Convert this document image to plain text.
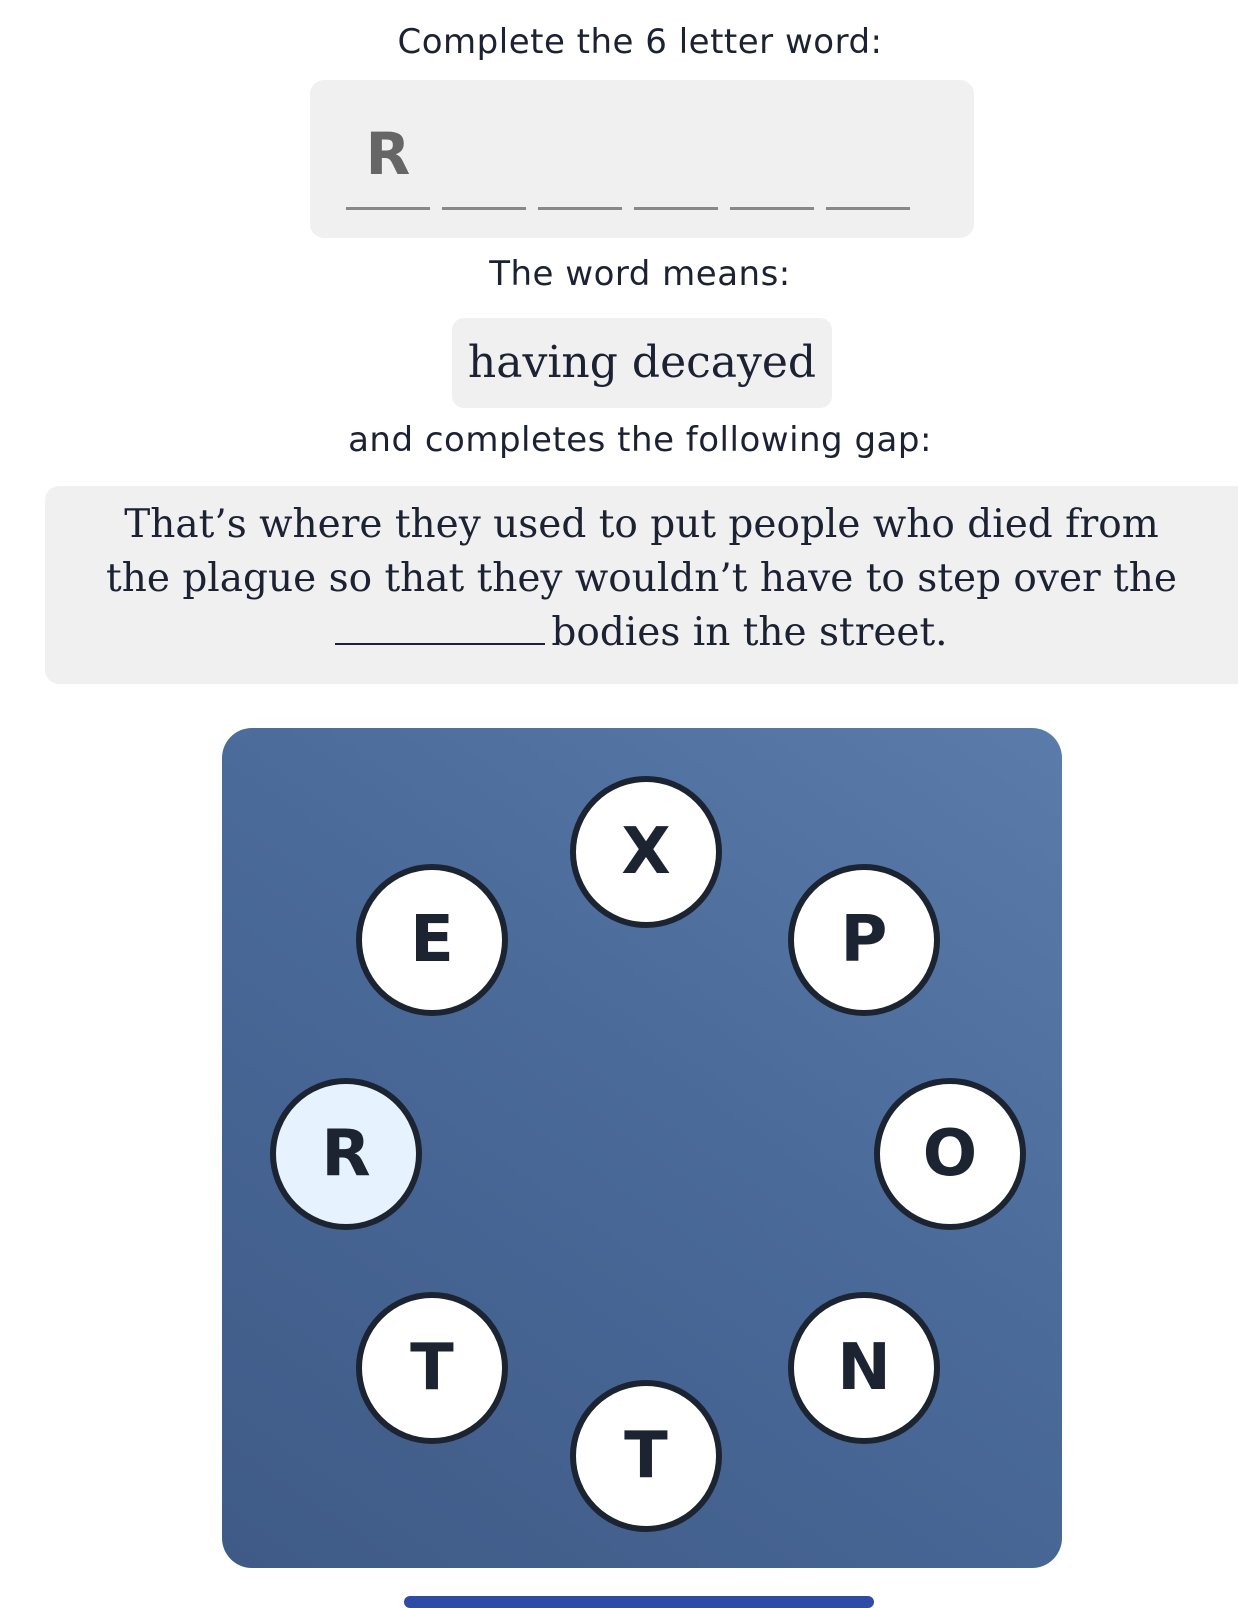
Complete the 6 letter word:
R
The word means:
having decayed
and completes the following gap:
That’s where they used to put people who died from
the plague so that they wouldn’t have to step over the
bodies in the street.
X
P
O
N
T
T
R
E
